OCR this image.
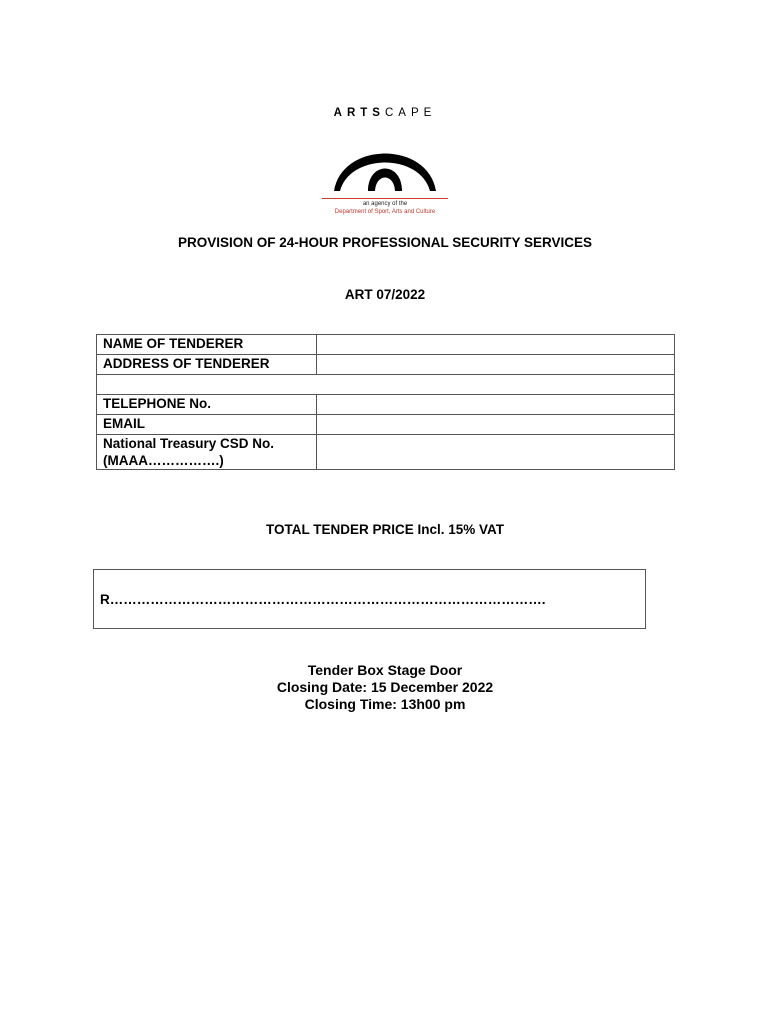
ARTSCAPE
an agency of the
Department of Sport, Arts and Culture
PROVISION OF 24-HOUR PROFESSIONAL SECURITY SERVICES
ART 07/2022
NAME OF TENDERER	
ADDRESS OF TENDERER	

TELEPHONE No.	
EMAIL	

National Treasury CSD No.
(MAAA…………….)	

TOTAL TENDER PRICE Incl. 15% VAT
R…………………………………………………………………………………….
Tender Box Stage Door
Closing Date: 15 December 2022
Closing Time: 13h00 pm
